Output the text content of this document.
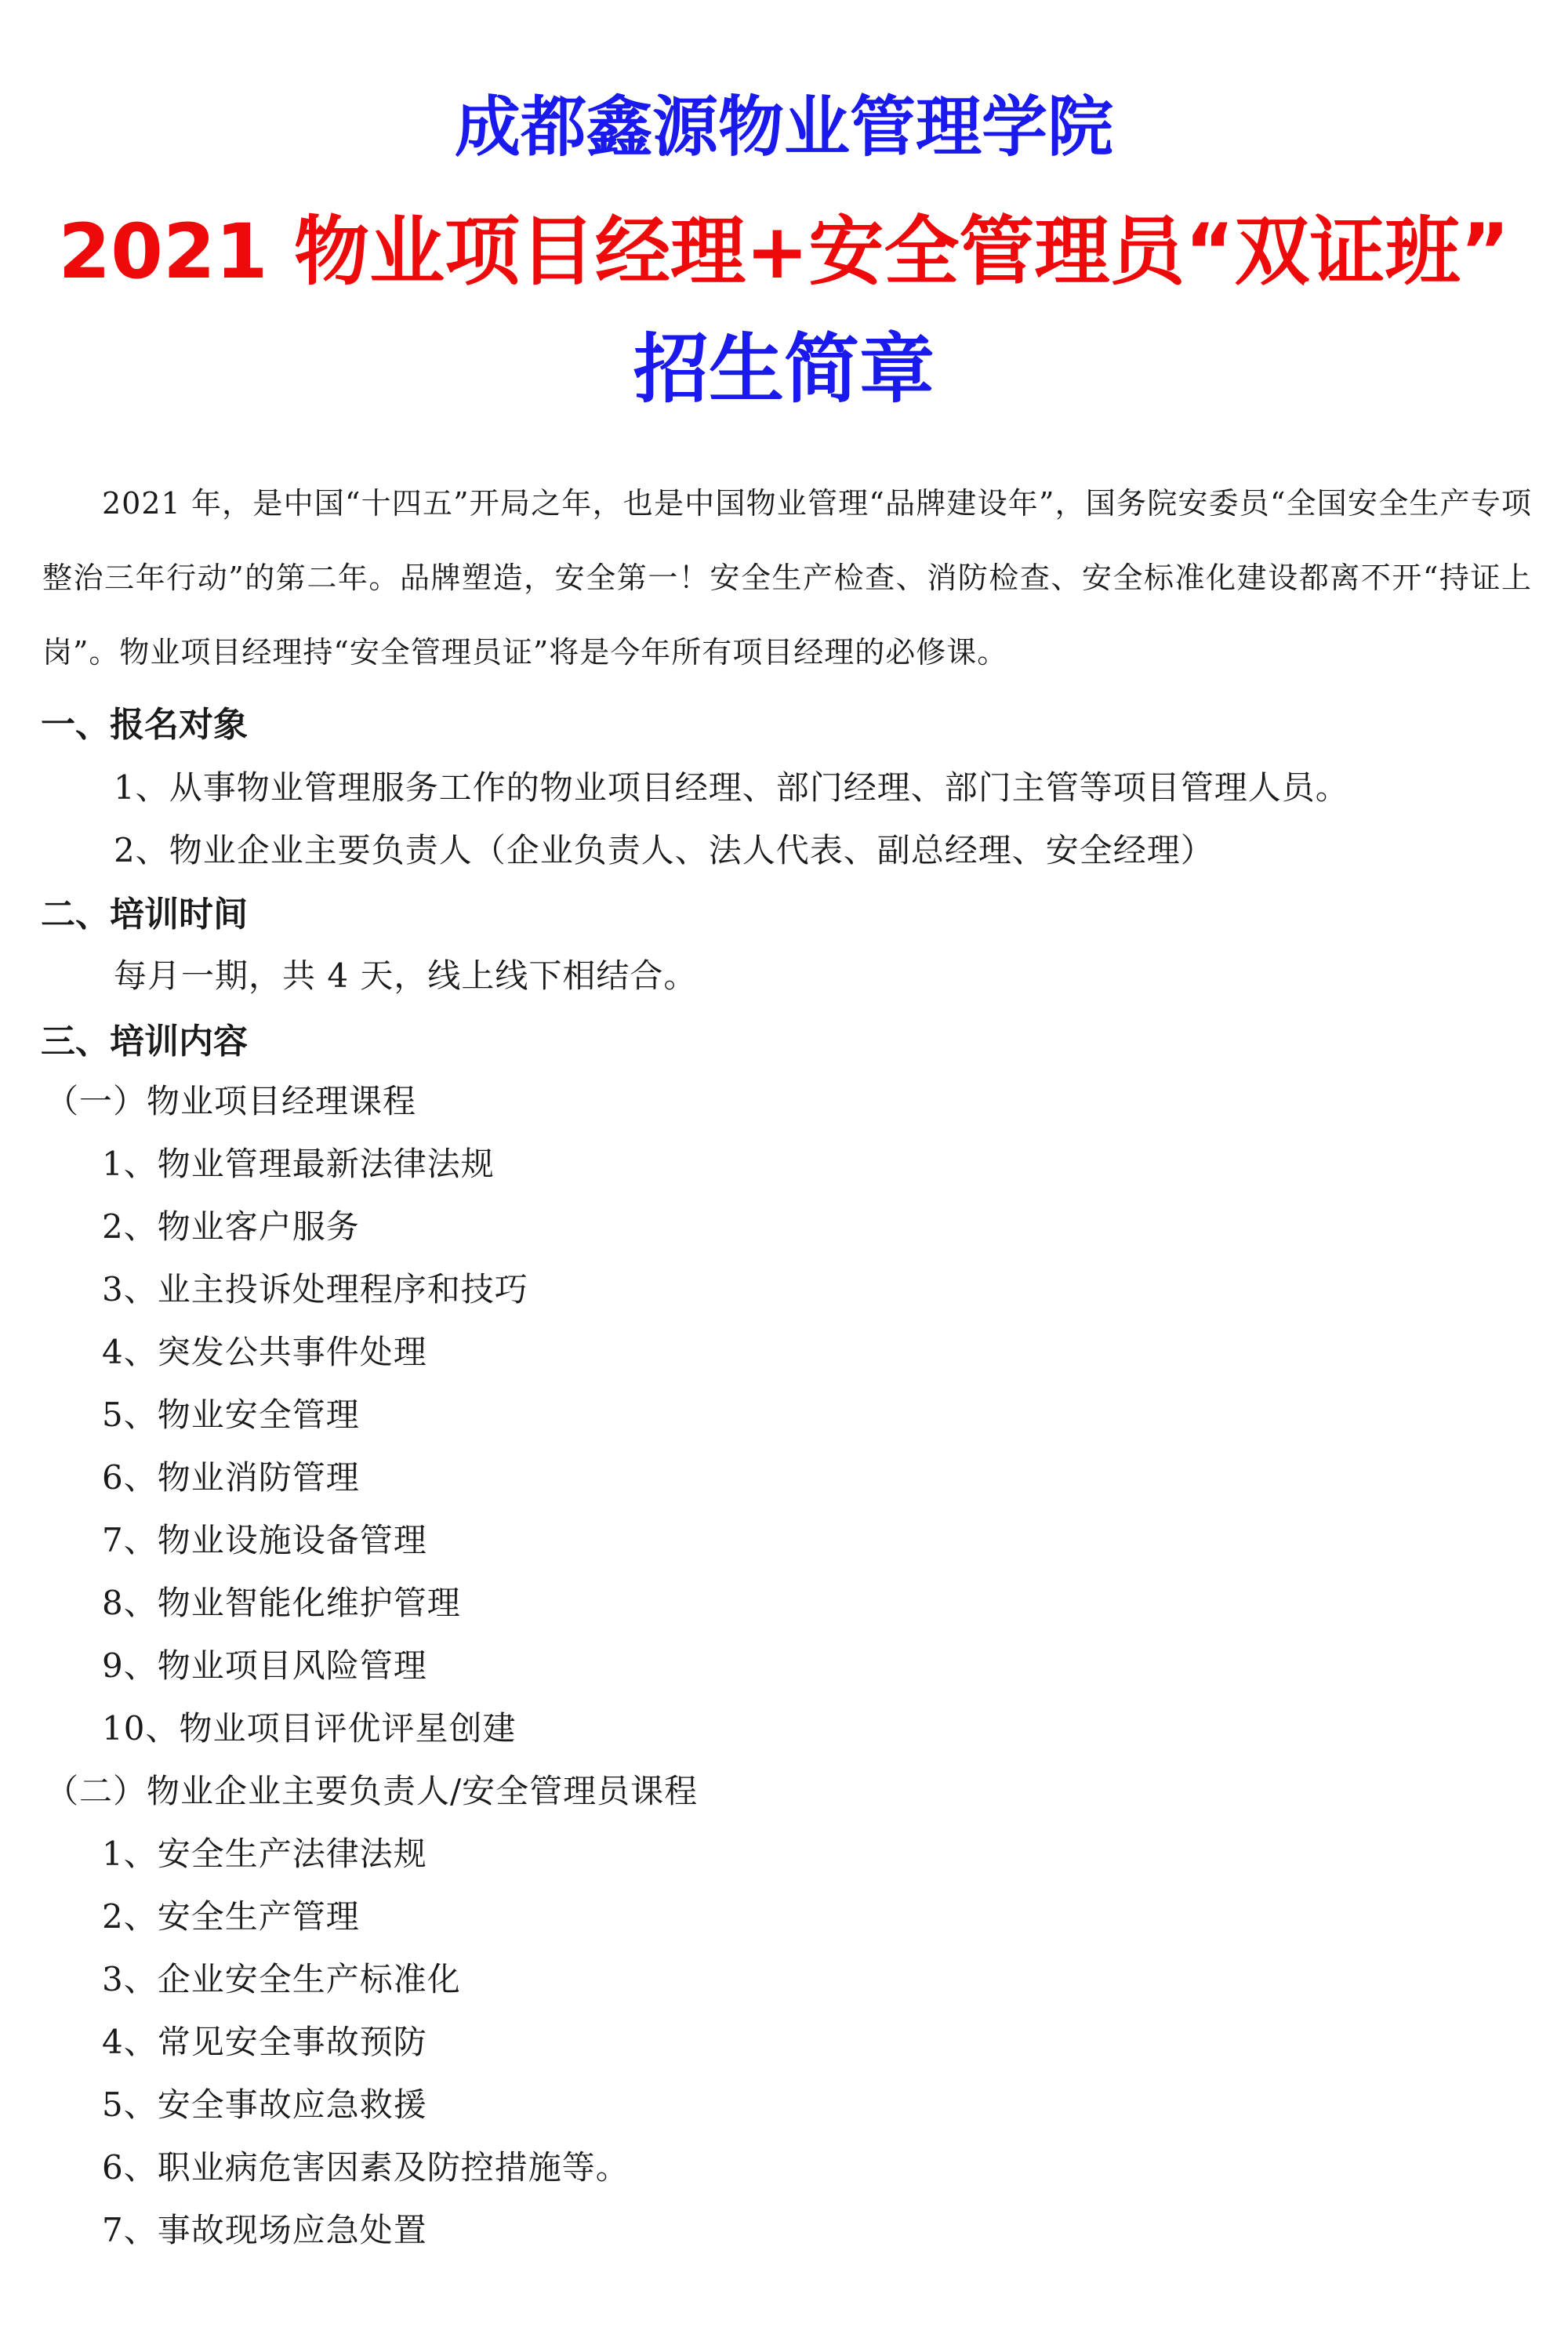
成都鑫源物业管理学院
2021 物业项目经理+安全管理员“双证班”
招生简章
2021 年，是中国“十四五”开局之年，也是中国物业管理“品牌建设年”，国务院安委员“全国安全生产专项整治三年行动”的第二年。品牌塑造，安全第一！安全生产检查、消防检查、安全标准化建设都离不开“持证上岗”。物业项目经理持“安全管理员证”将是今年所有项目经理的必修课。
一、报名对象
1、从事物业管理服务工作的物业项目经理、部门经理、部门主管等项目管理人员。
2、物业企业主要负责人（企业负责人、法人代表、副总经理、安全经理）
二、培训时间
每月一期，共 4 天，线上线下相结合。
三、培训内容
（一）物业项目经理课程
1、物业管理最新法律法规
2、物业客户服务
3、业主投诉处理程序和技巧
4、突发公共事件处理
5、物业安全管理
6、物业消防管理
7、物业设施设备管理
8、物业智能化维护管理
9、物业项目风险管理
10、物业项目评优评星创建
（二）物业企业主要负责人/安全管理员课程
1、安全生产法律法规
2、安全生产管理
3、企业安全生产标准化
4、常见安全事故预防
5、安全事故应急救援
6、职业病危害因素及防控措施等。
7、事故现场应急处置
